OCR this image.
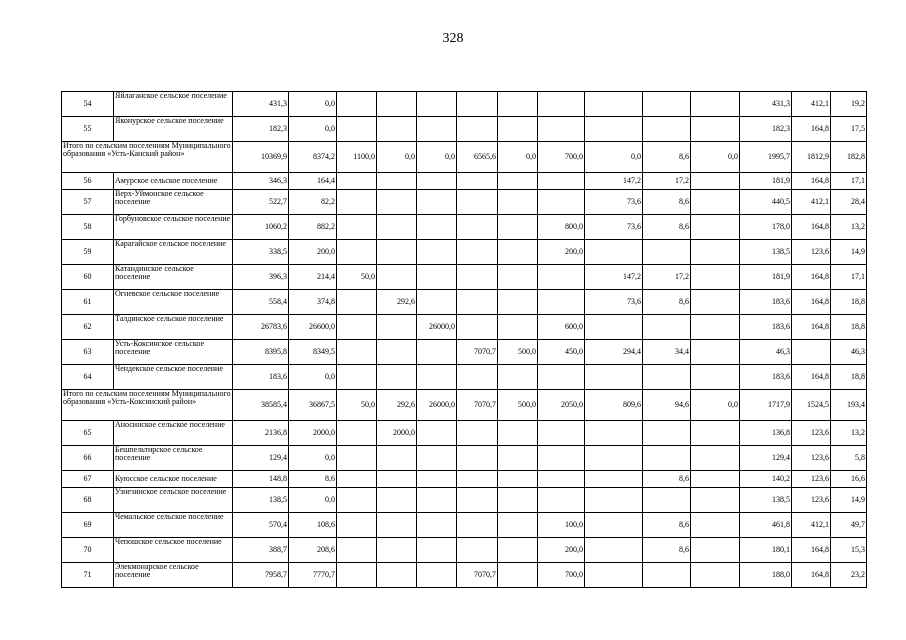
328
54	Яйлаганское сельское поселение	431,3	0,0										431,3	412,1	19,2
55	Яконурское сельское поселение	182,3	0,0										182,3	164,8	17,5
Итого по сельским поселениям Муниципального образования «Усть-Канский район»		10369,9	8374,2	1100,0	0,0	0,0	6565,6	0,0	700,0	0,0	8,6	0,0	1995,7	1812,9	182,8
56	Амурское сельское поселение	346,3	164,4							147,2	17,2		181,9	164,8	17,1
57	Верх-Уймонское сельское поселение	522,7	82,2							73,6	8,6		440,5	412,1	28,4
58	Горбуновское сельское поселение	1060,2	882,2						800,0	73,6	8,6		178,0	164,8	13,2
59	Карагайское сельское поселение	338,5	200,0						200,0				138,5	123,6	14,9
60	Катандинское сельское поселение	396,3	214,4	50,0						147,2	17,2		181,9	164,8	17,1
61	Огневское сельское поселение	558,4	374,8		292,6					73,6	8,6		183,6	164,8	18,8
62	Талдинское сельское поселение	26783,6	26600,0			26000,0			600,0				183,6	164,8	18,8
63	Усть-Коксинское сельское поселение	8395,8	8349,5				7070,7	500,0	450,0	294,4	34,4		46,3		46,3
64	Чендекское сельское поселение	183,6	0,0										183,6	164,8	18,8
Итого по сельским поселениям Муниципального образования «Усть-Коксинский район»		38585,4	36867,5	50,0	292,6	26000,0	7070,7	500,0	2050,0	809,6	94,6	0,0	1717,9	1524,5	193,4
65	Аносинское сельское поселение	2136,8	2000,0		2000,0								136,8	123,6	13,2
66	Бешпельтирское сельское поселение	129,4	0,0										129,4	123,6	5,8
67	Куюсское сельское поселение	148,8	8,6								8,6		140,2	123,6	16,6
68	Узнезинское сельское поселение	138,5	0,0										138,5	123,6	14,9
69	Чемальское сельское поселение	570,4	108,6						100,0		8,6		461,8	412,1	49,7
70	Чепошское сельское поселение	388,7	208,6						200,0		8,6		180,1	164,8	15,3
71	Элекмонарское сельское поселение	7958,7	7770,7				7070,7		700,0				188,0	164,8	23,2
